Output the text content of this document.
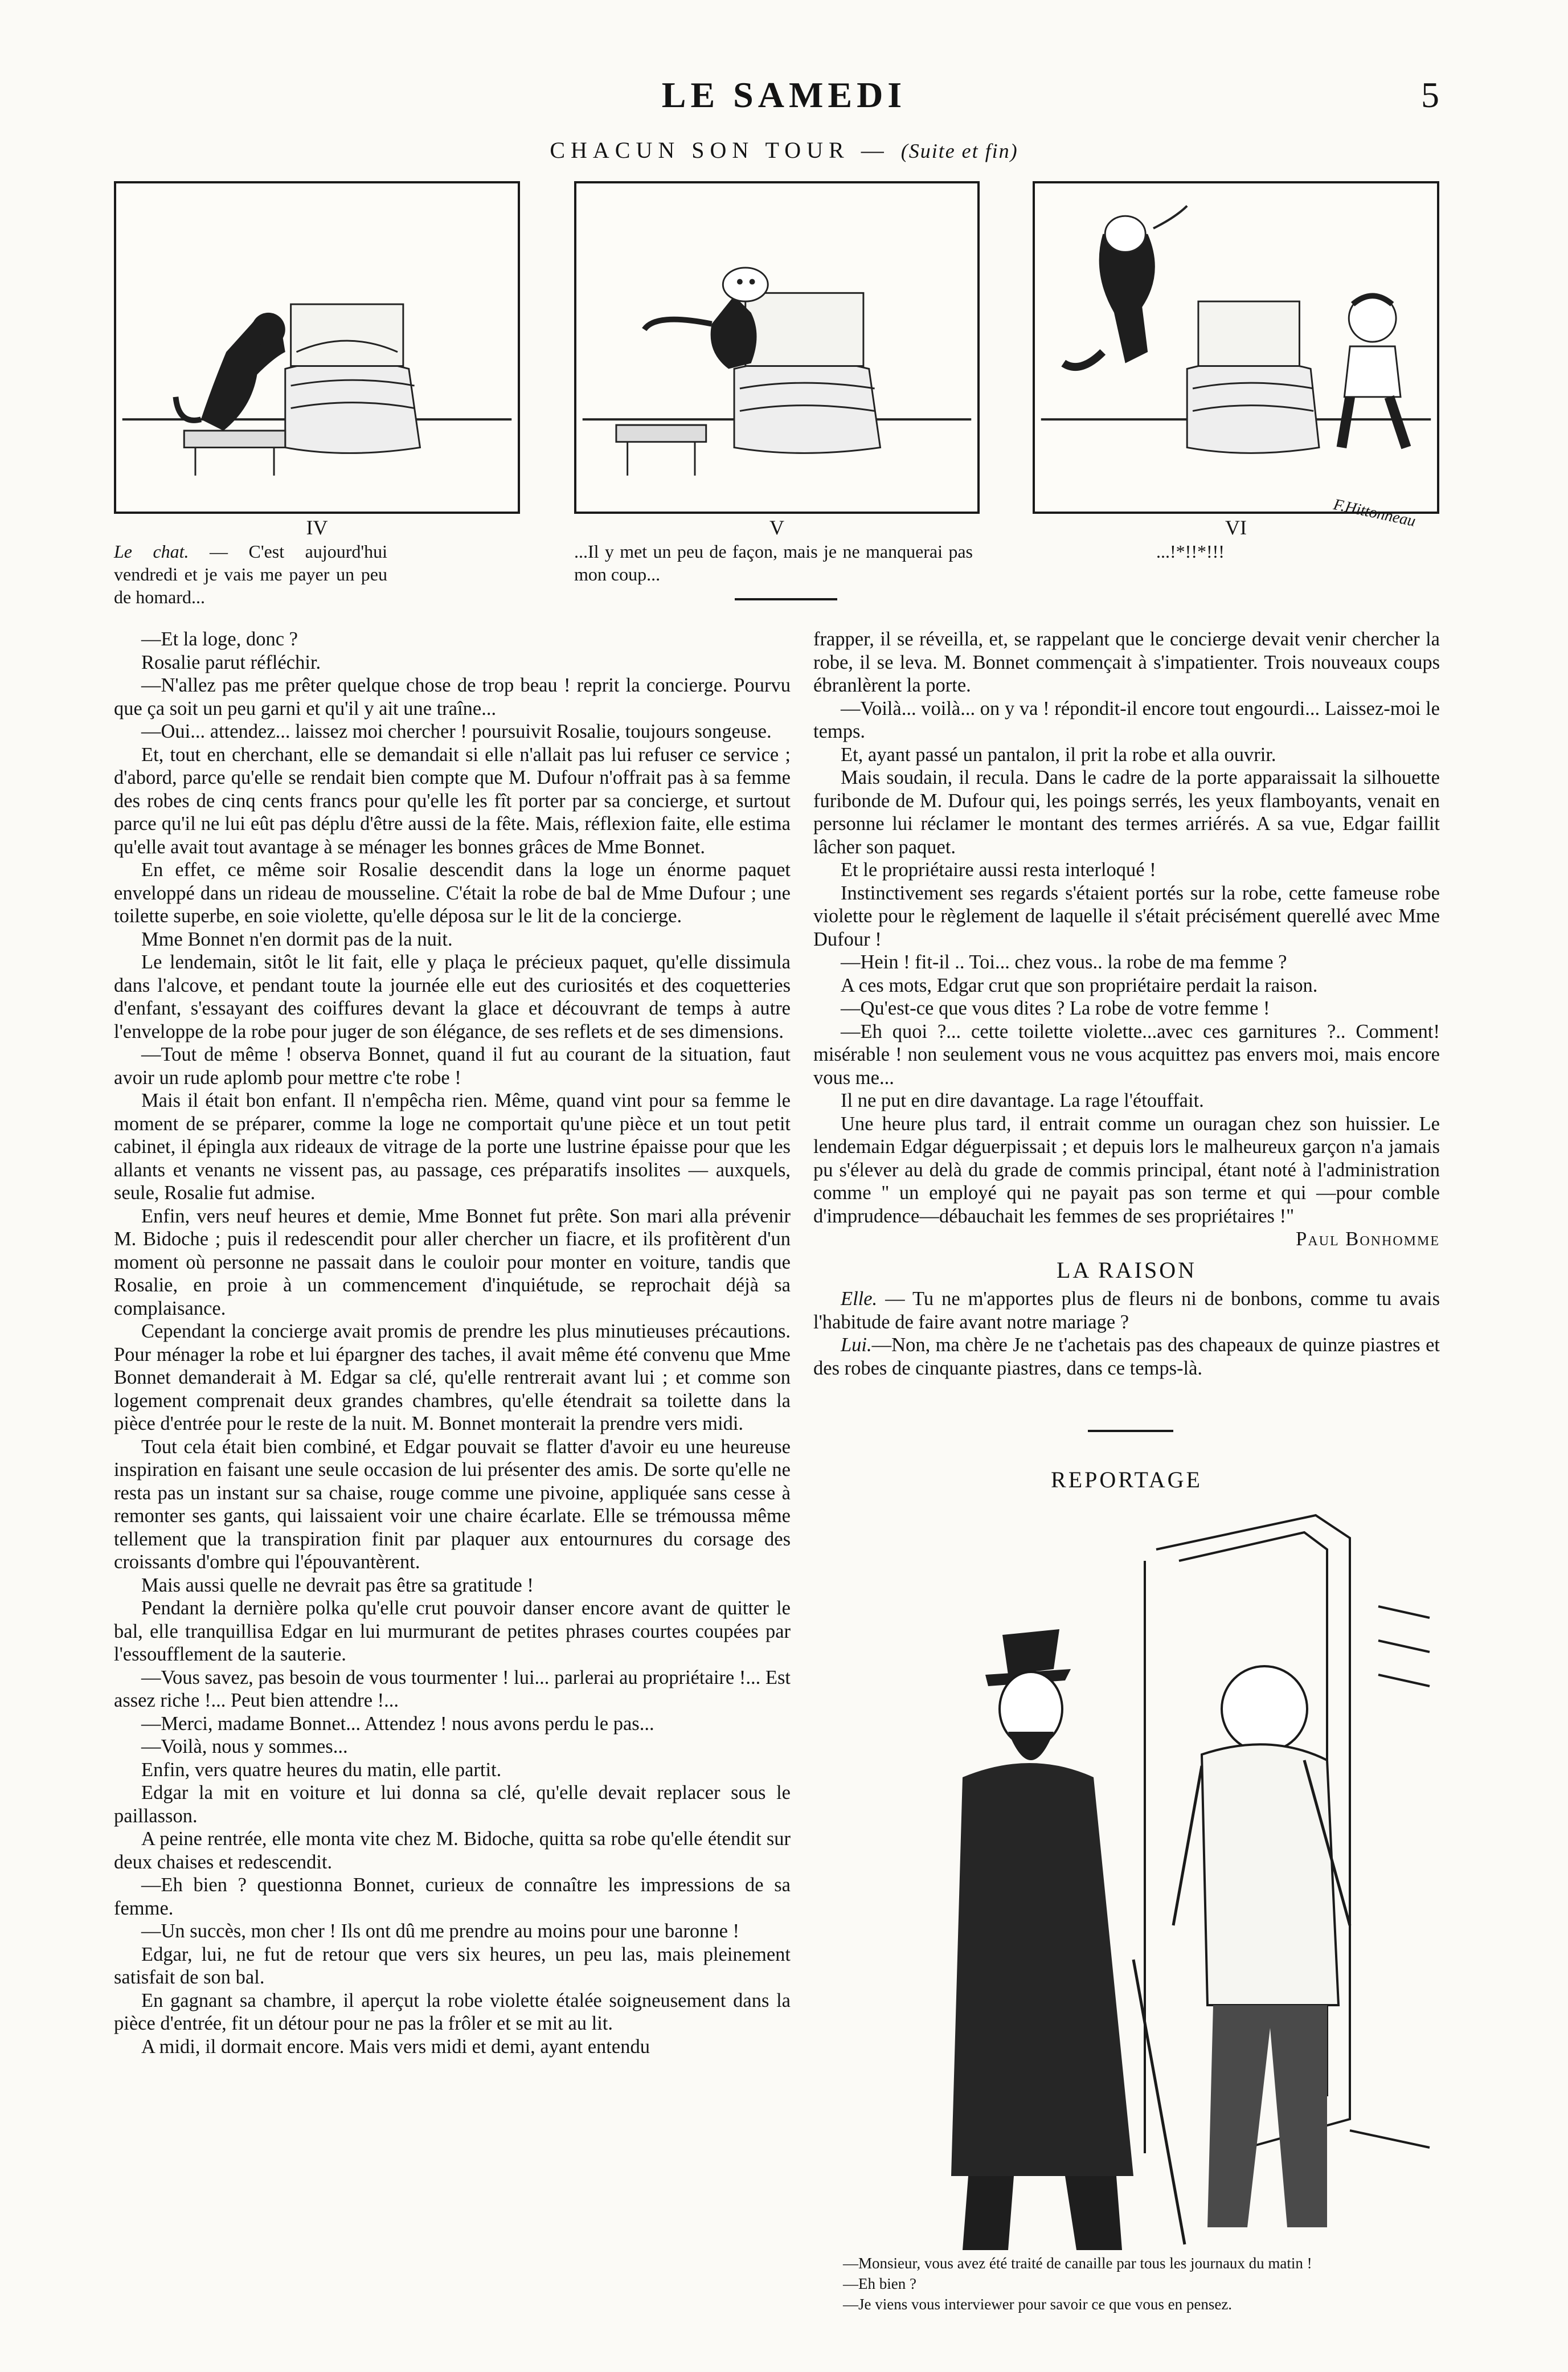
LE SAMEDI	5
CHACUN SON TOUR — (Suite et fin)
IV	V	VI	F.Hittonneau
Le chat. — C'est aujourd'hui vendredi et je vais me payer un peu de homard...
...Il y met un peu de façon, mais je ne manquerai pas mon coup...
...!*!!*!!!

—Et la loge, donc ?

Rosalie parut réfléchir.

—N'allez pas me prêter quelque chose de trop beau ! reprit la concierge. Pourvu que ça soit un peu garni et qu'il y ait une traîne...

—Oui... attendez... laissez moi chercher ! poursuivit Rosalie, toujours songeuse.

Et, tout en cherchant, elle se demandait si elle n'allait pas lui refuser ce service ; d'abord, parce qu'elle se rendait bien compte que M. Dufour n'offrait pas à sa femme des robes de cinq cents francs pour qu'elle les fît porter par sa concierge, et surtout parce qu'il ne lui eût pas déplu d'être aussi de la fête. Mais, réflexion faite, elle estima qu'elle avait tout avantage à se ménager les bonnes grâces de Mme Bonnet.

En effet, ce même soir Rosalie descendit dans la loge un énorme paquet enveloppé dans un rideau de mousseline. C'était la robe de bal de Mme Dufour ; une toilette superbe, en soie violette, qu'elle déposa sur le lit de la concierge.

Mme Bonnet n'en dormit pas de la nuit.

Le lendemain, sitôt le lit fait, elle y plaça le précieux paquet, qu'elle dissimula dans l'alcove, et pendant toute la journée elle eut des curiosités et des coquetteries d'enfant, s'essayant des coiffures devant la glace et découvrant de temps à autre l'enveloppe de la robe pour juger de son élégance, de ses reflets et de ses dimensions.

—Tout de même ! observa Bonnet, quand il fut au courant de la situation, faut avoir un rude aplomb pour mettre c'te robe !

Mais il était bon enfant. Il n'empêcha rien. Même, quand vint pour sa femme le moment de se préparer, comme la loge ne comportait qu'une pièce et un tout petit cabinet, il épingla aux rideaux de vitrage de la porte une lustrine épaisse pour que les allants et venants ne vissent pas, au passage, ces préparatifs insolites — auxquels, seule, Rosalie fut admise.

Enfin, vers neuf heures et demie, Mme Bonnet fut prête. Son mari alla prévenir M. Bidoche ; puis il redescendit pour aller chercher un fiacre, et ils profitèrent d'un moment où personne ne passait dans le couloir pour monter en voiture, tandis que Rosalie, en proie à un commencement d'inquiétude, se reprochait déjà sa complaisance.

Cependant la concierge avait promis de prendre les plus minutieuses précautions. Pour ménager la robe et lui épargner des taches, il avait même été convenu que Mme Bonnet demanderait à M. Edgar sa clé, qu'elle rentrerait avant lui ; et comme son logement comprenait deux grandes chambres, qu'elle étendrait sa toilette dans la pièce d'entrée pour le reste de la nuit. M. Bonnet monterait la prendre vers midi.

Tout cela était bien combiné, et Edgar pouvait se flatter d'avoir eu une heureuse inspiration en faisant une seule occasion de lui présenter des amis. De sorte qu'elle ne resta pas un instant sur sa chaise, rouge comme une pivoine, appliquée sans cesse à remonter ses gants, qui laissaient voir une chaire écarlate. Elle se trémoussa même tellement que la transpiration finit par plaquer aux entournures du corsage des croissants d'ombre qui l'épouvantèrent.

Mais aussi quelle ne devrait pas être sa gratitude !

Pendant la dernière polka qu'elle crut pouvoir danser encore avant de quitter le bal, elle tranquillisa Edgar en lui murmurant de petites phrases courtes coupées par l'essoufflement de la sauterie.

—Vous savez, pas besoin de vous tourmenter ! lui... parlerai au propriétaire !... Est assez riche !... Peut bien attendre !...

—Merci, madame Bonnet... Attendez ! nous avons perdu le pas...

—Voilà, nous y sommes...

Enfin, vers quatre heures du matin, elle partit.

Edgar la mit en voiture et lui donna sa clé, qu'elle devait replacer sous le paillasson.

A peine rentrée, elle monta vite chez M. Bidoche, quitta sa robe qu'elle étendit sur deux chaises et redescendit.

—Eh bien ? questionna Bonnet, curieux de connaître les impressions de sa femme.

—Un succès, mon cher ! Ils ont dû me prendre au moins pour une baronne !

Edgar, lui, ne fut de retour que vers six heures, un peu las, mais pleinement satisfait de son bal.

En gagnant sa chambre, il aperçut la robe violette étalée soigneusement dans la pièce d'entrée, fit un détour pour ne pas la frôler et se mit au lit.

A midi, il dormait encore. Mais vers midi et demi, ayant entendu

frapper, il se réveilla, et, se rappelant que le concierge devait venir chercher la robe, il se leva. M. Bonnet commençait à s'impatienter. Trois nouveaux coups ébranlèrent la porte.

—Voilà... voilà... on y va ! répondit-il encore tout engourdi... Laissez-moi le temps.

Et, ayant passé un pantalon, il prit la robe et alla ouvrir.

Mais soudain, il recula. Dans le cadre de la porte apparaissait la silhouette furibonde de M. Dufour qui, les poings serrés, les yeux flamboyants, venait en personne lui réclamer le montant des termes arriérés. A sa vue, Edgar faillit lâcher son paquet.

Et le propriétaire aussi resta interloqué !

Instinctivement ses regards s'étaient portés sur la robe, cette fameuse robe violette pour le règlement de laquelle il s'était précisément querellé avec Mme Dufour !

—Hein ! fit-il .. Toi... chez vous.. la robe de ma femme ?

A ces mots, Edgar crut que son propriétaire perdait la raison.

—Qu'est-ce que vous dites ? La robe de votre femme !

—Eh quoi ?... cette toilette violette...avec ces garnitures ?.. Comment! misérable ! non seulement vous ne vous acquittez pas envers moi, mais encore vous me...

Il ne put en dire davantage. La rage l'étouffait.

Une heure plus tard, il entrait comme un ouragan chez son huissier. Le lendemain Edgar déguerpissait ; et depuis lors le malheureux garçon n'a jamais pu s'élever au delà du grade de commis principal, étant noté à l'administration comme " un employé qui ne payait pas son terme et qui —pour comble d'imprudence—débauchait les femmes de ses propriétaires !"

Paul Bonhomme
LA RAISON

Elle. — Tu ne m'apportes plus de fleurs ni de bonbons, comme tu avais l'habitude de faire avant notre mariage ?

Lui.—Non, ma chère Je ne t'achetais pas des chapeaux de quinze piastres et des robes de cinquante piastres, dans ce temps-là.

REPORTAGE
—Monsieur, vous avez été traité de canaille par tous les journaux du matin !
—Eh bien ?
—Je viens vous interviewer pour savoir ce que vous en pensez.
